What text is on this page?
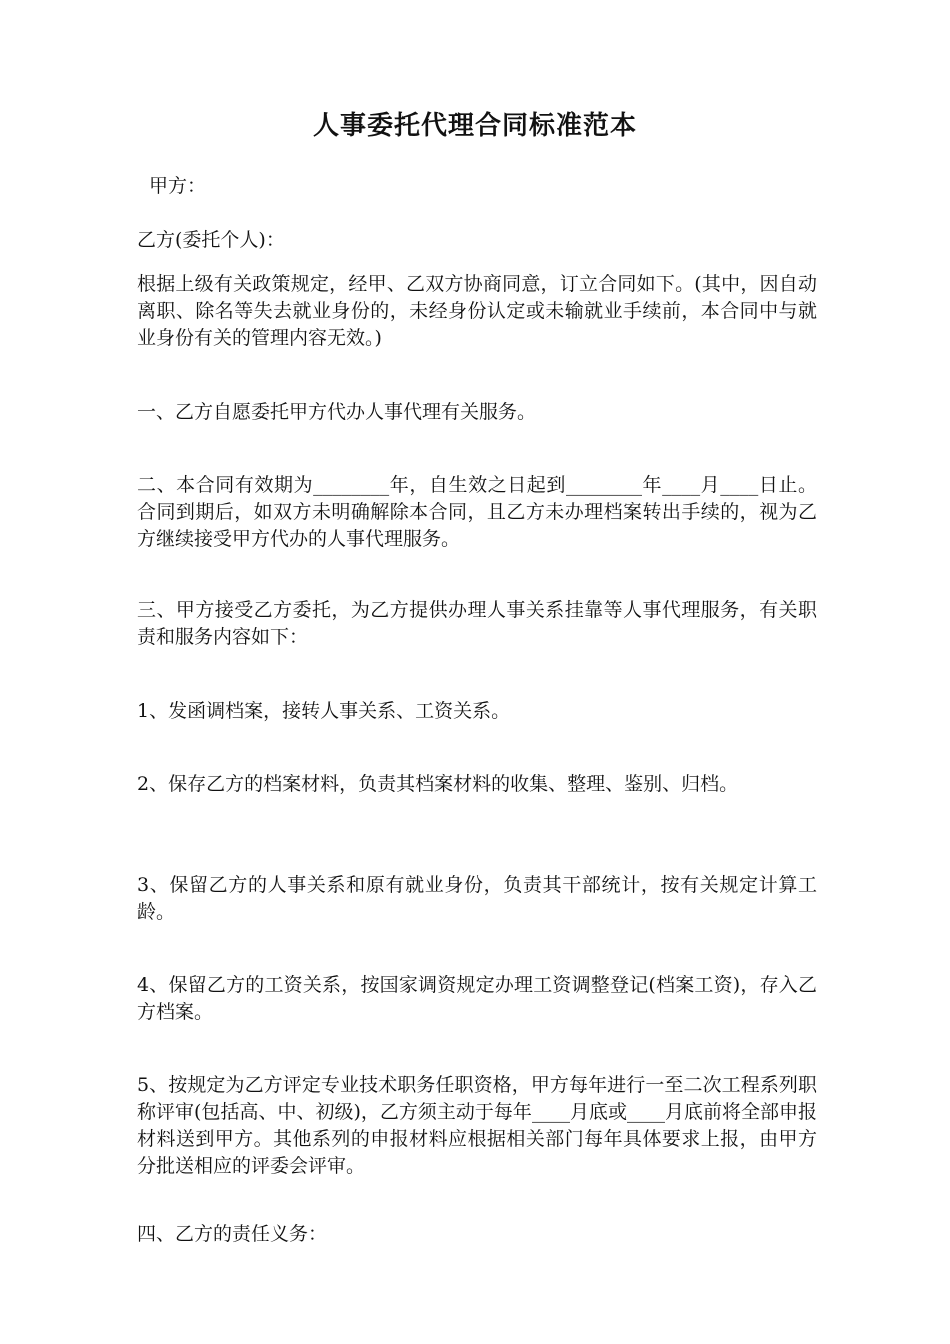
人事委托代理合同标准范本

甲方：

乙方(委托个人)：

根据上级有关政策规定，经甲、乙双方协商同意，订立合同如下。(其中，因自动离职、除名等失去就业身份的，未经身份认定或未输就业手续前，本合同中与就业身份有关的管理内容无效。)

一、乙方自愿委托甲方代办人事代理有关服务。

二、本合同有效期为________年，自生效之日起到________年____月____日止。合同到期后，如双方未明确解除本合同，且乙方未办理档案转出手续的，视为乙方继续接受甲方代办的人事代理服务。

三、甲方接受乙方委托，为乙方提供办理人事关系挂靠等人事代理服务，有关职责和服务内容如下：

1、发函调档案，接转人事关系、工资关系。

2、保存乙方的档案材料，负责其档案材料的收集、整理、鉴别、归档。

3、保留乙方的人事关系和原有就业身份，负责其干部统计，按有关规定计算工龄。

4、保留乙方的工资关系，按国家调资规定办理工资调整登记(档案工资)，存入乙方档案。

5、按规定为乙方评定专业技术职务任职资格，甲方每年进行一至二次工程系列职称评审(包括高、中、初级)，乙方须主动于每年____月底或____月底前将全部申报材料送到甲方。其他系列的申报材料应根据相关部门每年具体要求上报，由甲方分批送相应的评委会评审。

四、乙方的责任义务：
